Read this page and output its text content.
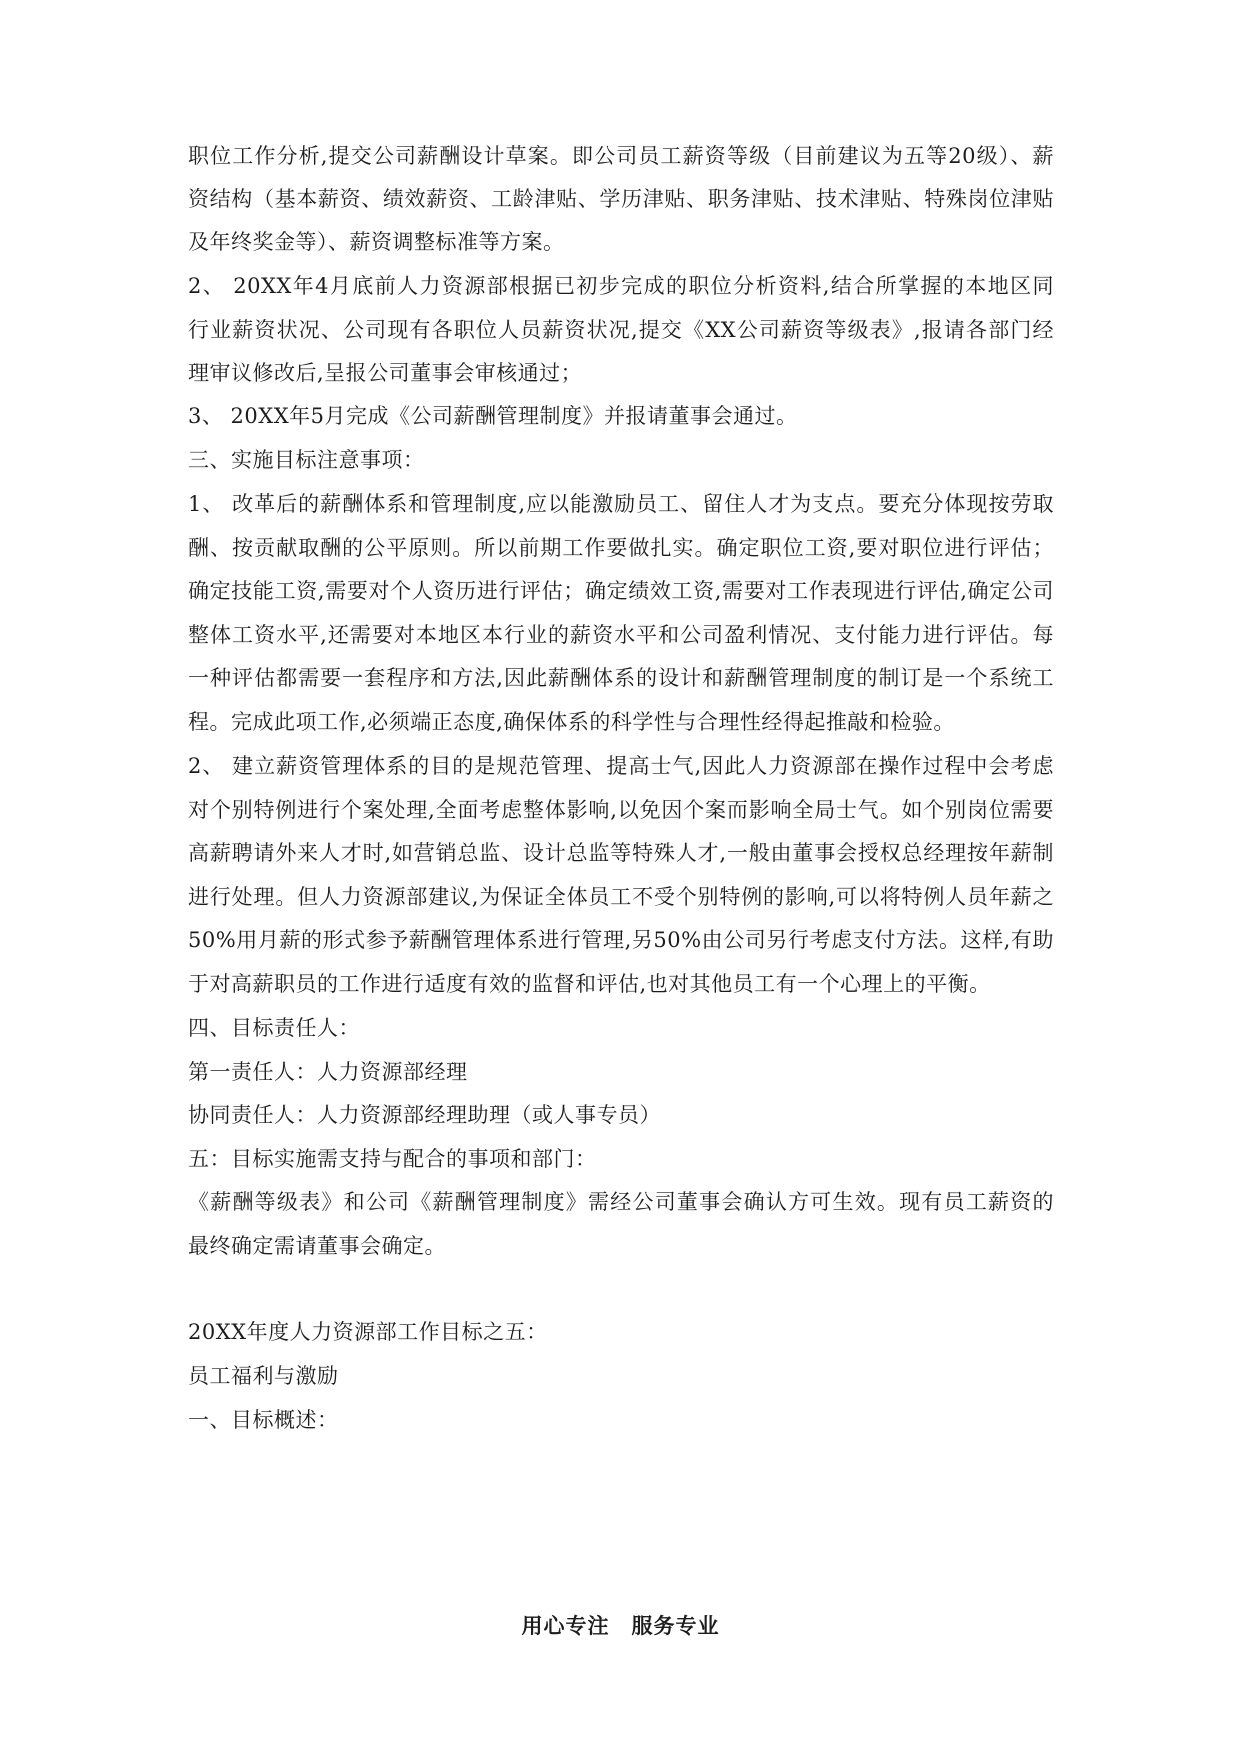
职位工作分析,提交公司薪酬设计草案。即公司员工薪资等级（目前建议为五等20级）、薪
资结构（基本薪资、绩效薪资、工龄津贴、学历津贴、职务津贴、技术津贴、特殊岗位津贴
及年终奖金等）、薪资调整标准等方案。
2、 20XX年4月底前人力资源部根据已初步完成的职位分析资料,结合所掌握的本地区同
行业薪资状况、公司现有各职位人员薪资状况,提交《XX公司薪资等级表》,报请各部门经
理审议修改后,呈报公司董事会审核通过；
3、 20XX年5月完成《公司薪酬管理制度》并报请董事会通过。
三、实施目标注意事项：
1、 改革后的薪酬体系和管理制度,应以能激励员工、留住人才为支点。要充分体现按劳取
酬、按贡献取酬的公平原则。所以前期工作要做扎实。确定职位工资,要对职位进行评估；
确定技能工资,需要对个人资历进行评估；确定绩效工资,需要对工作表现进行评估,确定公司
整体工资水平,还需要对本地区本行业的薪资水平和公司盈利情况、支付能力进行评估。每
一种评估都需要一套程序和方法,因此薪酬体系的设计和薪酬管理制度的制订是一个系统工
程。完成此项工作,必须端正态度,确保体系的科学性与合理性经得起推敲和检验。
2、 建立薪资管理体系的目的是规范管理、提高士气,因此人力资源部在操作过程中会考虑
对个别特例进行个案处理,全面考虑整体影响,以免因个案而影响全局士气。如个别岗位需要
高薪聘请外来人才时,如营销总监、设计总监等特殊人才,一般由董事会授权总经理按年薪制
进行处理。但人力资源部建议,为保证全体员工不受个别特例的影响,可以将特例人员年薪之
50%用月薪的形式参予薪酬管理体系进行管理,另50%由公司另行考虑支付方法。这样,有助
于对高薪职员的工作进行适度有效的监督和评估,也对其他员工有一个心理上的平衡。
四、目标责任人：
第一责任人：人力资源部经理
协同责任人：人力资源部经理助理（或人事专员）
五：目标实施需支持与配合的事项和部门：
《薪酬等级表》和公司《薪酬管理制度》需经公司董事会确认方可生效。现有员工薪资的
最终确定需请董事会确定。
20XX年度人力资源部工作目标之五：
员工福利与激励
一、目标概述：
用心专注　服务专业
